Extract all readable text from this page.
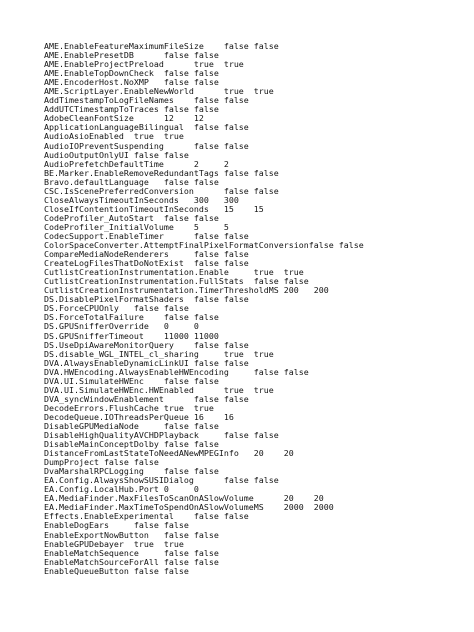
AME.EnableFeatureMaximumFileSize    false false
AME.EnablePresetDB      false false
AME.EnableProjectPreload      true  true
AME.EnableTopDownCheck  false false
AME.EncoderHost.NoXMP   false false
AME.ScriptLayer.EnableNewWorld      true  true
AddTimestampToLogFileNames    false false
AddUTCTimestampToTraces false false
AdobeCleanFontSize      12    12
ApplicationLanguageBilingual  false false
AudioAsioEnabled  true  true
AudioIOPreventSuspending      false false
AudioOutputOnlyUI false false
AudioPrefetchDefaultTime      2     2
BE.Marker.EnableRemoveRedundantTags false false
Bravo.defaultLanguage   false false
CSC.IsScenePreferredConversion      false false
CloseAlwaysTimeoutInSeconds   300   300
CloseIfContentionTimeoutInSeconds   15    15
CodeProfiler_AutoStart  false false
CodeProfiler_InitialVolume    5     5
CodecSupport.EnableTimer      false false
ColorSpaceConverter.AttemptFinalPixelFormatConversionfalse false
CompareMediaNodeRenderers     false false
CreateLogFilesThatDoNotExist  false false
CutlistCreationInstrumentation.Enable     true  true
CutlistCreationInstrumentation.FullStats  false false
CutlistCreationInstrumentation.TimerThresholdMS 200   200
DS.DisablePixelFormatShaders  false false
DS.ForceCPUOnly   false false
DS.ForceTotalFailure    false false
DS.GPUSnifferOverride   0     0
DS.GPUSnifferTimeout    11000 11000
DS.UseDpiAwareMonitorQuery    false false
DS.disable_WGL_INTEL_cl_sharing     true  true
DVA.AlwaysEnableDynamicLinkUI false false
DVA.HWEncoding.AlwaysEnableHWEncoding     false false
DVA.UI.SimulateHWEnc    false false
DVA.UI.SimulateHWEnc.HWEnabled      true  true
DVA_syncWindowEnablement      false false
DecodeErrors.FlushCache true  true
DecodeQueue.IOThreadsPerQueue 16    16
DisableGPUMediaNode     false false
DisableHighQualityAVCHDPlayback     false false
DisableMainConceptDolby false false
DistanceFromLastStateToNeedANewMPEGInfo   20    20
DumpProject false false
DvaMarshalRPCLogging    false false
EA.Config.AlwaysShowSUSIDialog      false false
EA.Config.LocalHub.Port 0     0
EA.MediaFinder.MaxFilesToScanOnASlowVolume      20    20
EA.MediaFinder.MaxTimeToSpendOnASlowVolumeMS    2000  2000
Effects.EnableExperimental    false false
EnableDogEars     false false
EnableExportNowButton   false false
EnableGPUDebayer  true  true
EnableMatchSequence     false false
EnableMatchSourceForAll false false
EnableQueueButton false false
